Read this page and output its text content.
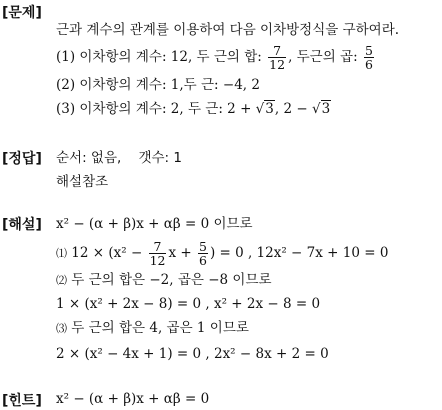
[문제]
근과 계수의 관계를 이용하여 다음 이차방정식을 구하여라.
(1) 이차항의 계수: 12, 두 근의 합: $\frac{7}{12}$ , 두근의 곱: $\frac{5}{6}$
(2) 이차항의 계수: 1,두 근: −4, 2
(3) 이차항의 계수: 2, 두 근: 2 + √3, 2 − √3
[정답] 순서: 없음,    갯수: 1
해설참조
[해설] x² − (α + β)x + αβ = 0 이므로
⑴ $12 \times (x^2 - \frac{7}{12}$ $x + \frac{5}{6}$ ) = 0 , 12x² − 7x + 10 = 0
⑵ 두 근의 합은 −2, 곱은 −8 이므로
1 × (x² + 2x − 8) = 0 , x² + 2x − 8 = 0
⑶ 두 근의 합은 4, 곱은 1 이므로
2 × (x² − 4x + 1) = 0 , 2x² − 8x + 2 = 0
[힌트] x² − (α + β)x + αβ = 0
